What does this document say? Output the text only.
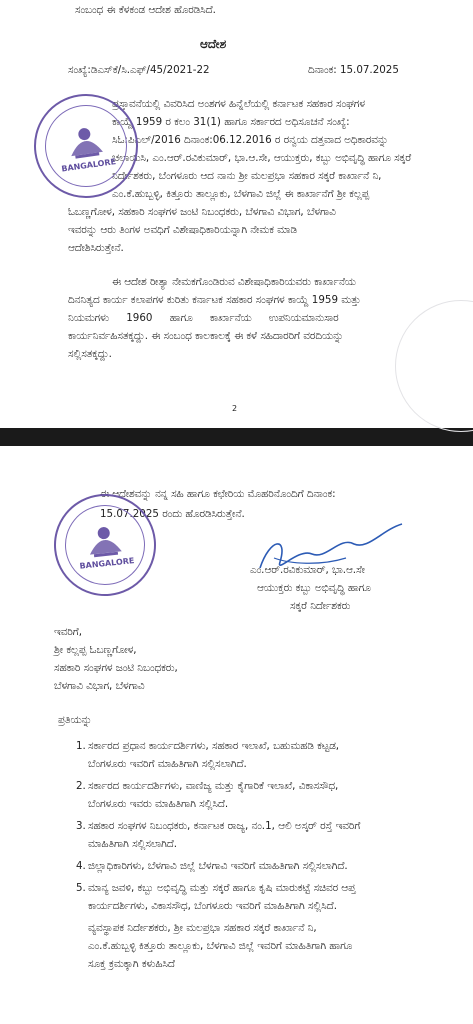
ಸಂಬಂಧ ಈ ಕೆಳಕಂಡ ಆದೇಶ ಹೊರಡಿಸಿದೆ.
ಆದೇಶ
ಸಂಖ್ಯೆ:ಡಿಎಸ್‌ಕೆ/ಸಿ.ಎಫ್/45/2021-22	ದಿನಾಂಕ: 15.07.2025
ಪ್ರಸ್ತಾವನೆಯಲ್ಲಿ ವಿವರಿಸಿದ ಅಂಶಗಳ ಹಿನ್ನೆಲೆಯಲ್ಲಿ ಕರ್ನಾಟಕ ಸಹಕಾರ ಸಂಘಗಳ
ಕಾಯ್ದೆ 1959 ರ ಕಲಂ 31(1) ಹಾಗೂ ಸರ್ಕಾರದ ಅಧಿಸೂಚನೆ ಸಂಖ್ಯೆ:
ಸಿಓ:ಪಿಎಲ್/2016 ದಿನಾಂಕ:06.12.2016 ರ ರನ್ವಯ ದತ್ತವಾದ ಅಧಿಕಾರವನ್ನು
ಚಲಾಯಿಸಿ, ಎಂ.ಆರ್.ರವಿಕುಮಾರ್, ಭಾ.ಆ.ಸೇ, ಆಯುಕ್ತರು, ಕಬ್ಬು ಅಭಿವೃದ್ಧಿ ಹಾಗೂ ಸಕ್ಕರೆ
ನಿರ್ದೇಶಕರು, ಬೆಂಗಳೂರು ಆದ ನಾನು ಶ್ರೀ ಮಲಪ್ರಭಾ ಸಹಕಾರ ಸಕ್ಕರೆ ಕಾರ್ಖಾನೆ ನಿ,
ಎಂ.ಕೆ.ಹುಬ್ಬಳ್ಳಿ, ಕಿತ್ತೂರು ತಾಲ್ಲೂಕು, ಬೆಳಗಾವಿ ಜಿಲ್ಲೆ ಈ ಕಾರ್ಖಾನೆಗೆ ಶ್ರೀ ಕಲ್ಲಪ್ಪ
ಓಬಣ್ಣಗೋಳ, ಸಹಕಾರಿ ಸಂಘಗಳ ಜಂಟಿ ನಿಬಂಧಕರು, ಬೆಳಗಾವಿ ವಿಭಾಗ, ಬೆಳಗಾವಿ
ಇವರನ್ನು ಆರು ತಿಂಗಳ ಅವಧಿಗೆ ವಿಶೇಷಾಧಿಕಾರಿಯನ್ನಾಗಿ ನೇಮಕ ಮಾಡಿ
ಆದೇಶಿಸಿರುತ್ತೇನೆ.
ಈ ಆದೇಶ ರೀತ್ಯಾ ನೇಮಕಗೊಂಡಿರುವ ವಿಶೇಷಾಧಿಕಾರಿಯವರು ಕಾರ್ಖಾನೆಯ
ದಿನನಿತ್ಯದ ಕಾರ್ಯ ಕಲಾಪಗಳ ಕುರಿತು ಕರ್ನಾಟಕ ಸಹಕಾರ ಸಂಘಗಳ ಕಾಯ್ದೆ 1959 ಮತ್ತು
ನಿಯಮಗಳು 1960 ಹಾಗೂ ಕಾರ್ಖಾನೆಯ ಉಪನಿಯಮಾನುಸಾರ
ಕಾರ್ಯನಿರ್ವಹಿಸತಕ್ಕದ್ದು. ಈ ಸಂಬಂಧ ಕಾಲಕಾಲಕ್ಕೆ ಈ ಕಳೆ ಸಹಿದಾರರಿಗೆ ವರದಿಯನ್ನು
ಸಲ್ಲಿಸತಕ್ಕದ್ದು.
BANGALORE
2
ಈ ಆದೇಶವನ್ನು ನನ್ನ ಸಹಿ ಹಾಗೂ ಕಛೇರಿಯ ಮೊಹರಿನೊಂದಿಗೆ ದಿನಾಂಕ:
15.07.2025 ರಂದು ಹೊರಡಿಸಿರುತ್ತೇನೆ.
BANGALORE	ಎಂ.ಆರ್.ರವಿಕುಮಾರ್, ಭಾ.ಆ.ಸೇ
ಆಯುಕ್ತರು ಕಬ್ಬು ಅಭಿವೃದ್ಧಿ ಹಾಗೂ
ಸಕ್ಕರೆ ನಿರ್ದೇಶಕರು
ಇವರಿಗೆ,
ಶ್ರೀ ಕಲ್ಲಪ್ಪ ಓಬಣ್ಣಗೋಳ,
ಸಹಕಾರಿ ಸಂಘಗಳ ಜಂಟಿ ನಿಬಂಧಕರು,
ಬೆಳಗಾವಿ ವಿಭಾಗ, ಬೆಳಗಾವಿ
ಪ್ರತಿಯನ್ನು
1. ಸರ್ಕಾರದ ಪ್ರಧಾನ ಕಾರ್ಯದರ್ಶಿಗಳು, ಸಹಕಾರ ಇಲಾಖೆ, ಬಹುಮಹಡಿ ಕಟ್ಟಡ,
ಬೆಂಗಳೂರು ಇವರಿಗೆ ಮಾಹಿತಿಗಾಗಿ ಸಲ್ಲಿಸಲಾಗಿದೆ.
2. ಸರ್ಕಾರದ ಕಾರ್ಯದರ್ಶಿಗಳು, ವಾಣಿಜ್ಯ ಮತ್ತು ಕೈಗಾರಿಕೆ ಇಲಾಖೆ, ವಿಕಾಸಸೌಧ,
ಬೆಂಗಳೂರು ಇವರು ಮಾಹಿತಿಗಾಗಿ ಸಲ್ಲಿಸಿದೆ.
3. ಸಹಕಾರ ಸಂಘಗಳ ನಿಬಂಧಕರು, ಕರ್ನಾಟಕ ರಾಜ್ಯ, ನಂ.1, ಆಲಿ ಅಸ್ಕರ್ ರಸ್ತೆ ಇವರಿಗೆ
ಮಾಹಿತಿಗಾಗಿ ಸಲ್ಲಿಸಲಾಗಿದೆ.
4. ಜಿಲ್ಲಾಧಿಕಾರಿಗಳು, ಬೆಳಗಾವಿ ಜಿಲ್ಲೆ ಬೆಳಗಾವಿ ಇವರಿಗೆ ಮಾಹಿತಿಗಾಗಿ ಸಲ್ಲಿಸಲಾಗಿದೆ.
5. ಮಾನ್ಯ ಜವಳಿ, ಕಬ್ಬು ಅಭಿವೃದ್ಧಿ ಮತ್ತು ಸಕ್ಕರೆ ಹಾಗೂ ಕೃಷಿ ಮಾರುಕಟ್ಟೆ ಸಚಿವರ ಆಪ್ತ
ಕಾರ್ಯದರ್ಶಿಗಳು, ವಿಕಾಸಸೌಧ, ಬೆಂಗಳೂರು ಇವರಿಗೆ ಮಾಹಿತಿಗಾಗಿ ಸಲ್ಲಿಸಿದೆ.
ವ್ಯವಸ್ಥಾಪಕ ನಿರ್ದೇಶಕರು, ಶ್ರೀ ಮಲಪ್ರಭಾ ಸಹಕಾರ ಸಕ್ಕರೆ ಕಾರ್ಖಾನೆ ನಿ,
ಎಂ.ಕೆ.ಹುಬ್ಬಳ್ಳಿ ಕಿತ್ತೂರು ತಾಲ್ಲೂಕು, ಬೆಳಗಾವಿ ಜಿಲ್ಲೆ ಇವರಿಗೆ ಮಾಹಿತಿಗಾಗಿ ಹಾಗೂ
ಸೂಕ್ತ ಕ್ರಮಕ್ಕಾಗಿ ಕಳುಹಿಸಿದೆ
